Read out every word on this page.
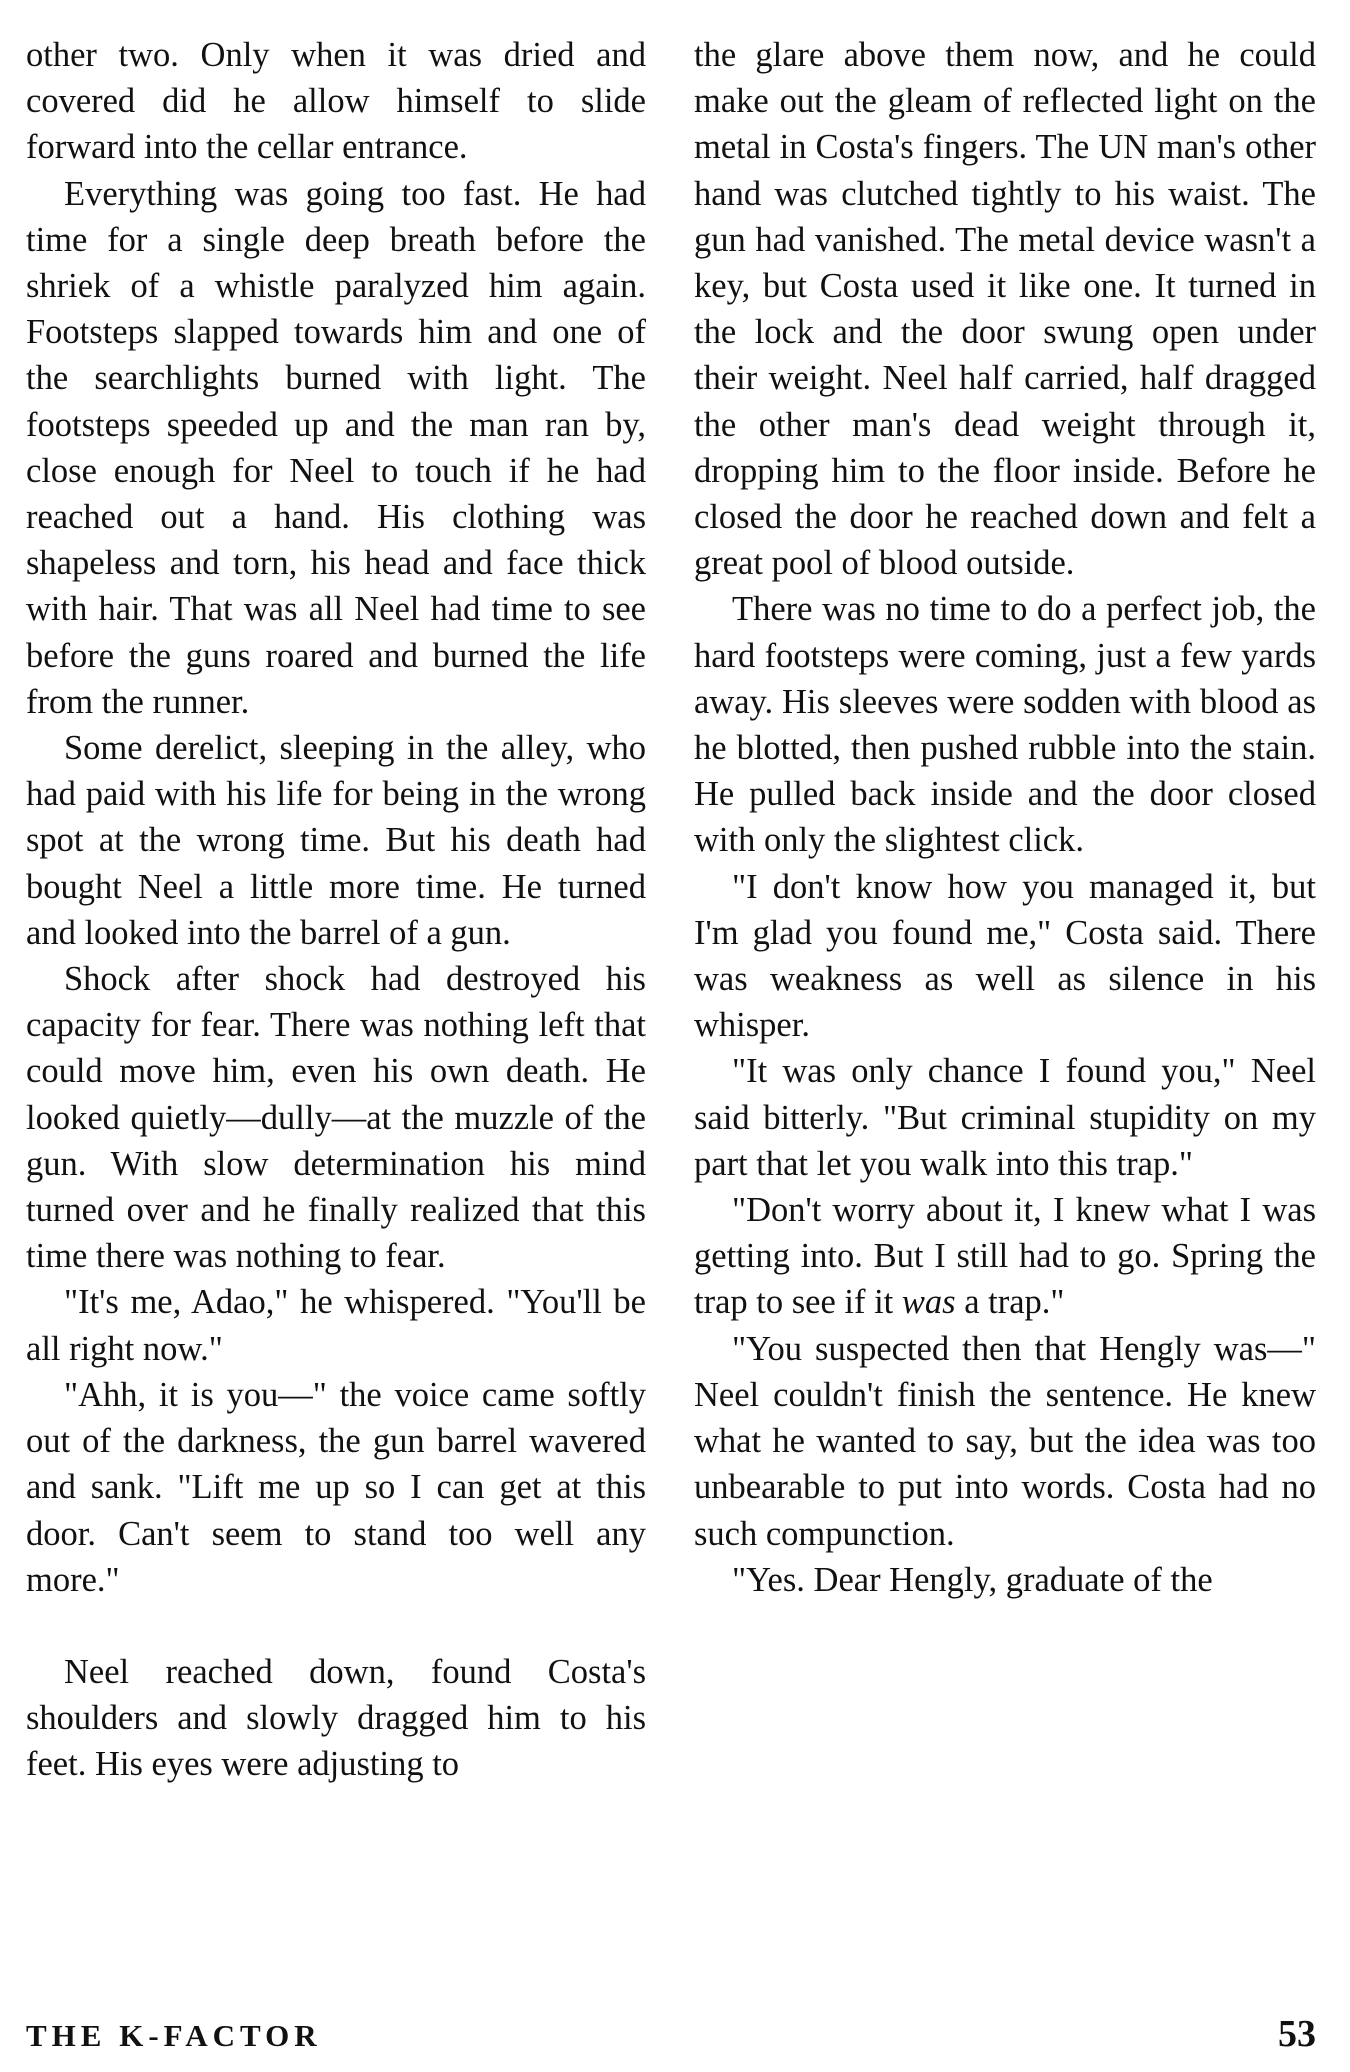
other two. Only when it was dried and covered did he allow himself to slide forward into the cellar entrance.

Everything was going too fast. He had time for a single deep breath before the shriek of a whistle paralyzed him again. Footsteps slapped towards him and one of the searchlights burned with light. The footsteps speeded up and the man ran by, close enough for Neel to touch if he had reached out a hand. His clothing was shapeless and torn, his head and face thick with hair. That was all Neel had time to see before the guns roared and burned the life from the runner.

Some derelict, sleeping in the alley, who had paid with his life for being in the wrong spot at the wrong time. But his death had bought Neel a little more time. He turned and looked into the barrel of a gun.

Shock after shock had destroyed his capacity for fear. There was nothing left that could move him, even his own death. He looked quietly—dully—at the muzzle of the gun. With slow determination his mind turned over and he finally realized that this time there was nothing to fear.

"It's me, Adao," he whispered. "You'll be all right now."

"Ahh, it is you—" the voice came softly out of the darkness, the gun barrel wavered and sank. "Lift me up so I can get at this door. Can't seem to stand too well any more."

Neel reached down, found Costa's shoulders and slowly dragged him to his feet. His eyes were adjusting to

the glare above them now, and he could make out the gleam of reflected light on the metal in Costa's fingers. The UN man's other hand was clutched tightly to his waist. The gun had vanished. The metal device wasn't a key, but Costa used it like one. It turned in the lock and the door swung open under their weight. Neel half carried, half dragged the other man's dead weight through it, dropping him to the floor inside. Before he closed the door he reached down and felt a great pool of blood outside.

There was no time to do a perfect job, the hard footsteps were coming, just a few yards away. His sleeves were sodden with blood as he blotted, then pushed rubble into the stain. He pulled back inside and the door closed with only the slightest click.

"I don't know how you managed it, but I'm glad you found me," Costa said. There was weakness as well as silence in his whisper.

"It was only chance I found you," Neel said bitterly. "But criminal stupidity on my part that let you walk into this trap."

"Don't worry about it, I knew what I was getting into. But I still had to go. Spring the trap to see if it was a trap."

"You suspected then that Hengly was—" Neel couldn't finish the sentence. He knew what he wanted to say, but the idea was too unbearable to put into words. Costa had no such compunction.

"Yes. Dear Hengly, graduate of the

THE K-FACTOR	53
